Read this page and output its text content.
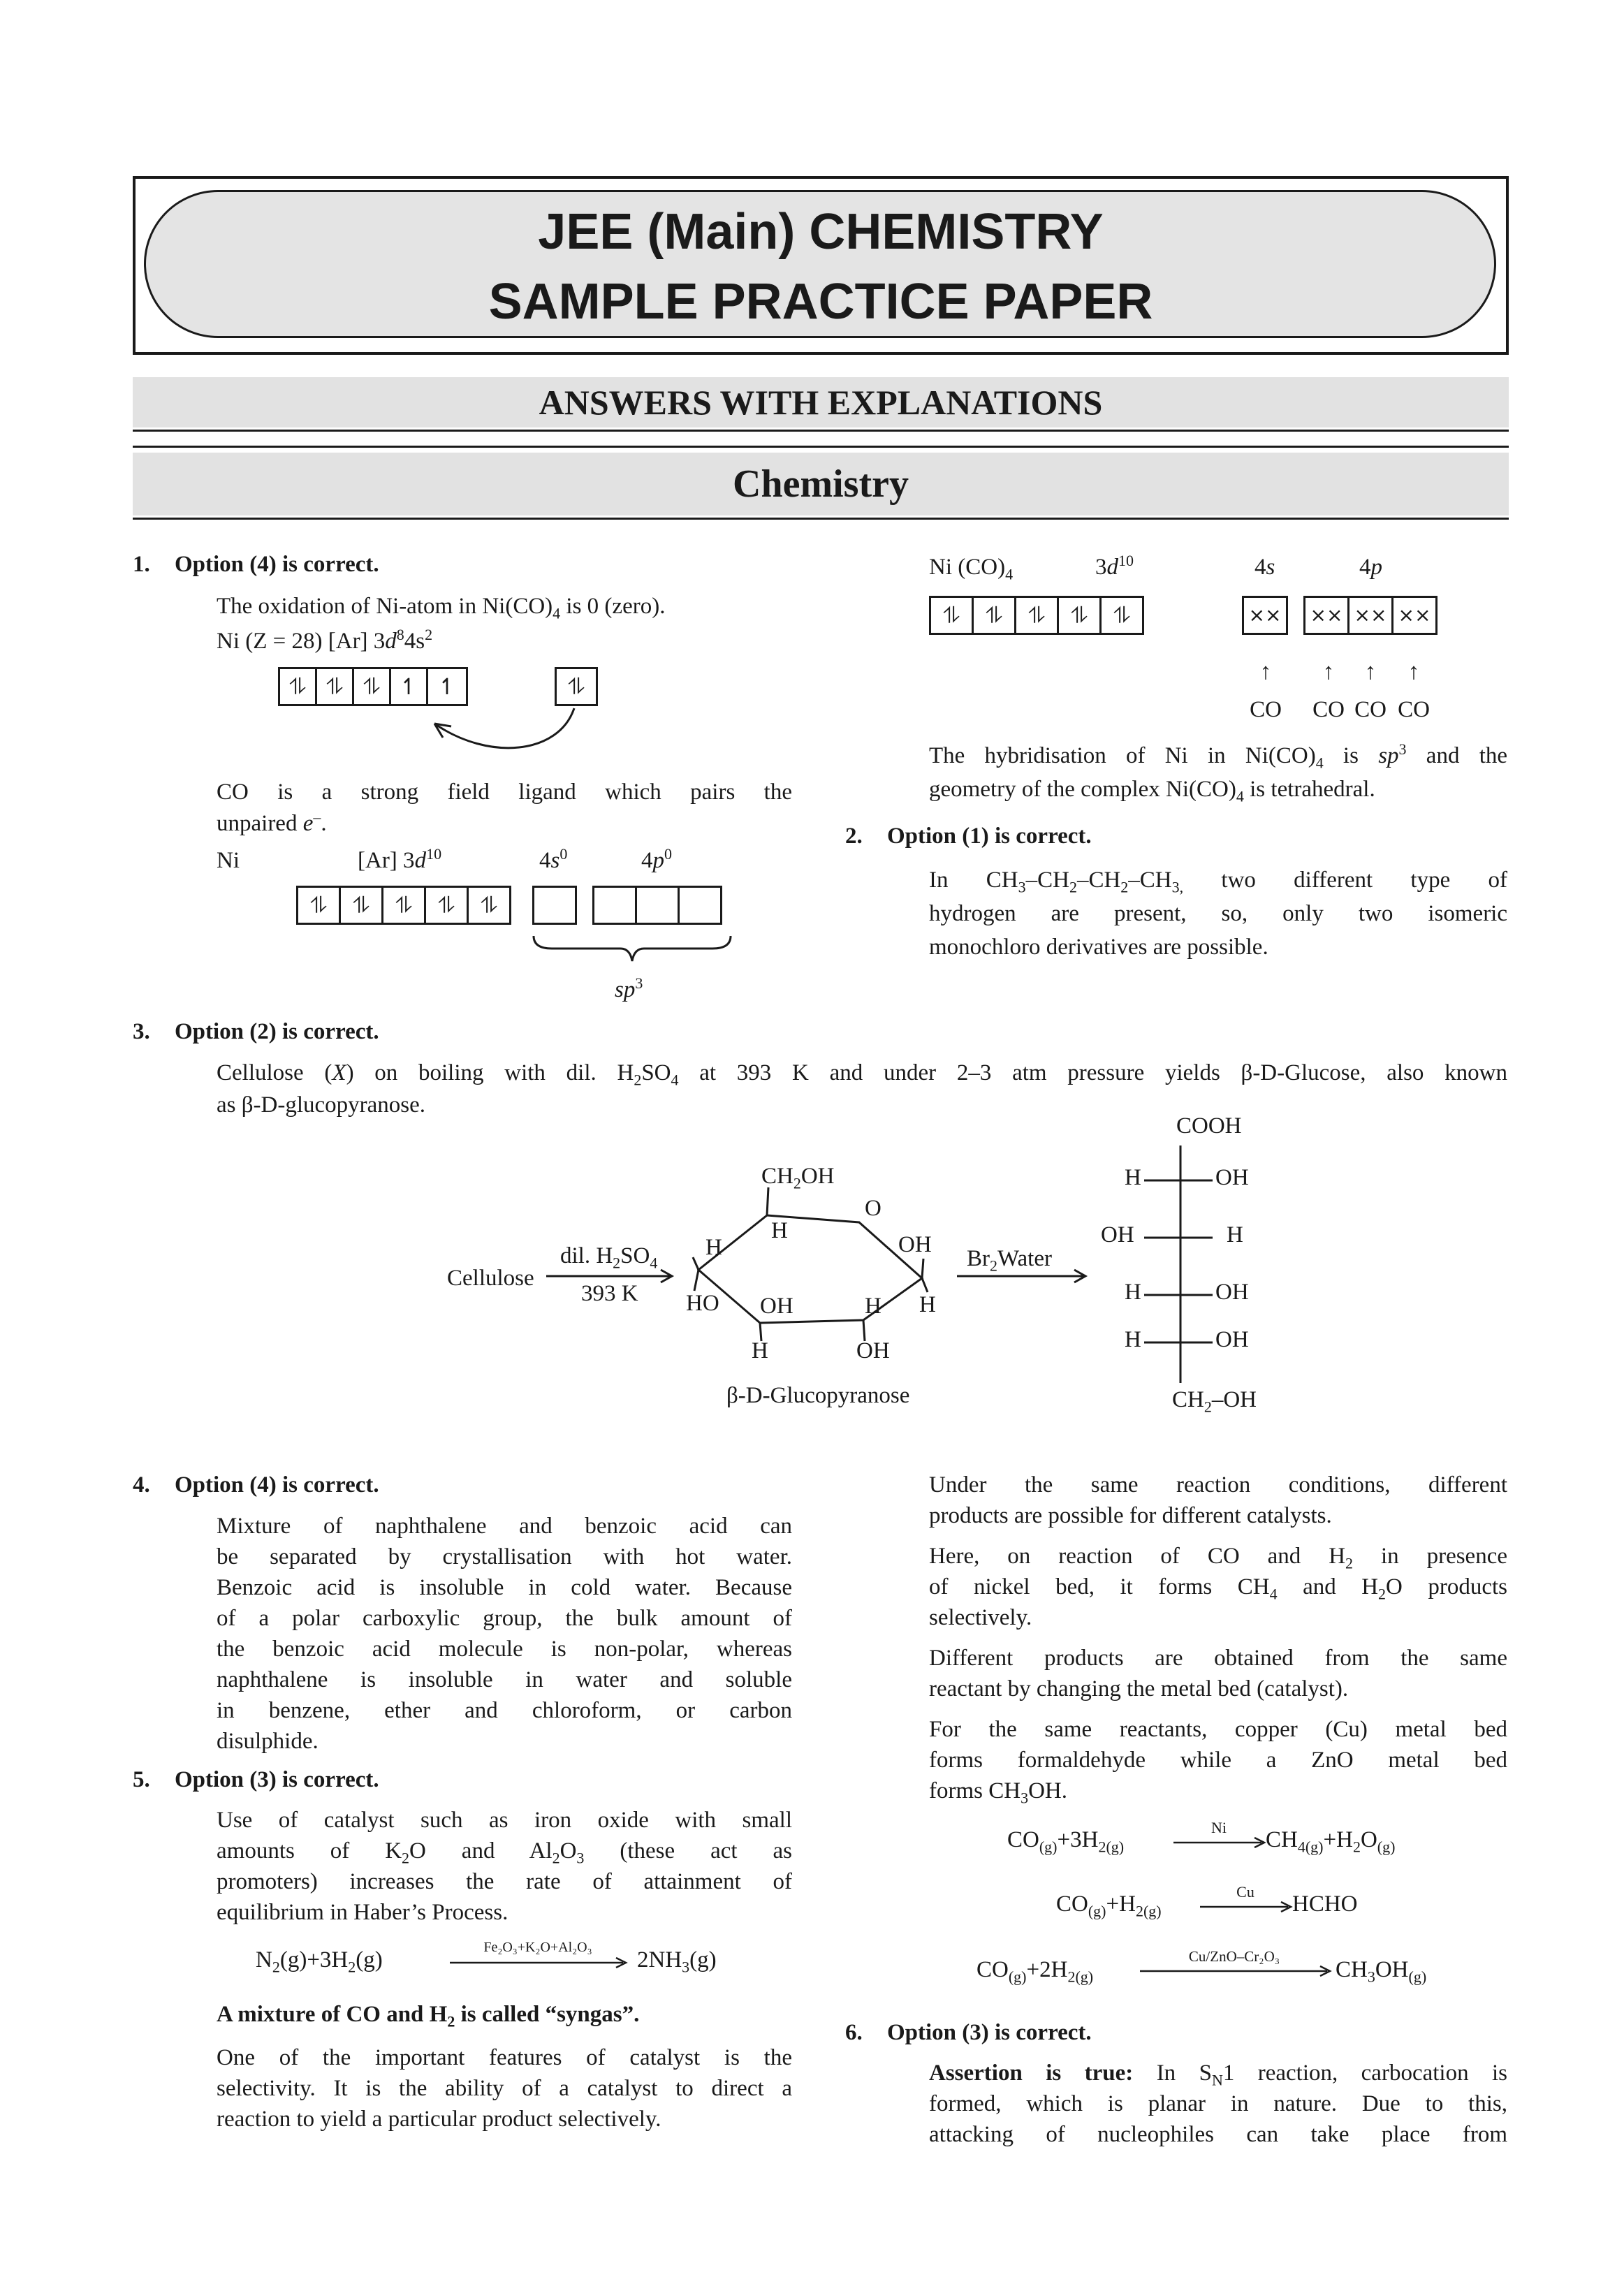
JEE (Main) CHEMISTRY
SAMPLE PRACTICE PAPER
ANSWERS WITH EXPLANATIONS
Chemistry
1. Option (4) is correct.
The oxidation of Ni-atom in $Ni(CO)_4$ is 0 (zero).
Ni (Z = 28) [Ar] $3d^84s^2$
⥮ ⥮ ⥮ ↿ ↿	⥮
CO is a strong field ligand which pairs the
unpaired e–.
Ni	[Ar] $3d^{10}$	$4s^0$	$4p^0$
⥮	⥮	⥮	⥮	⥮
$sp^3$
Ni $(CO)_4$	$3d^{10}$	4s	4p
⥮	⥮	⥮	⥮	⥮	××	×× ×× ××
↑	↑	↑	↑
CO	CO CO CO
The hybridisation of Ni in $Ni(CO)_4$ is $sp^3$ and the
geometry of the complex $Ni(CO)_4$ is tetrahedral.
2. Option (1) is correct.
In $CH_3-CH_2-CH_2-CH_{3,}$ two different type of
hydrogen are present, so, only two isomeric
monochloro derivatives are possible.
3. Option (2) is correct.
Cellulose (X) on boiling with dil. $H_2SO_4$ at 393 K and under 2–3 atm pressure yields β-D-Glucose, also known
as β-D-glucopyranose.
Cellulose
dil. $H_2SO_4$
393 K
$CH_2OH$
O
H
H	OH
HO OH	H H
H	OH
β-D-Glucopyranose
$Br_2Water$
COOH
H	OH
OH	H
H	OH
H	OH
$CH_2-OH$
4. Option (4) is correct.
Mixture of naphthalene and benzoic acid can
be separated by crystallisation with hot water.
Benzoic acid is insoluble in cold water. Because
of a polar carboxylic group, the bulk amount of
the benzoic acid molecule is non-polar, whereas
naphthalene is insoluble in water and soluble
in benzene, ether and chloroform, or carbon
disulphide.
5. Option (3) is correct.
Use of catalyst such as iron oxide with small
amounts of $K_2O$ and $Al_2O_3$ (these act as
promoters) increases the rate of attainment of
equilibrium in Haber’s Process.
$N_2(g)+3H_2(g)$	Fe₂O₃+K₂O+Al₂O₃	$2NH_3(g)$
A mixture of CO and $H_2$ is called “syngas”.
One of the important features of catalyst is the
selectivity. It is the ability of a catalyst to direct a
reaction to yield a particular product selectively.
Under the same reaction conditions, different
products are possible for different catalysts.
Here, on reaction of CO and $H_2$ in presence
of nickel bed, it forms $CH_4$ and $H_2O$ products
selectively.
Different products are obtained from the same
reactant by changing the metal bed (catalyst).
For the same reactants, copper (Cu) metal bed
forms formaldehyde while a ZnO metal bed
forms $CH_3OH$.
$CO_{(g)}+3H_{2(g)}$
Ni	$CH_{4(g)}+H_2O_{(g)}$
$CO_{(g)}+H_{2(g)}$
Cu	HCHO
$CO_{(g)}+2H_{2(g)}$
Cu/ZnO–Cr₂O₃
$CH_3OH_{(g)}$
6. Option (3) is correct.
Assertion is true: In $S_N1$ reaction, carbocation is
formed, which is planar in nature. Due to this,
attacking of nucleophiles can take place from
